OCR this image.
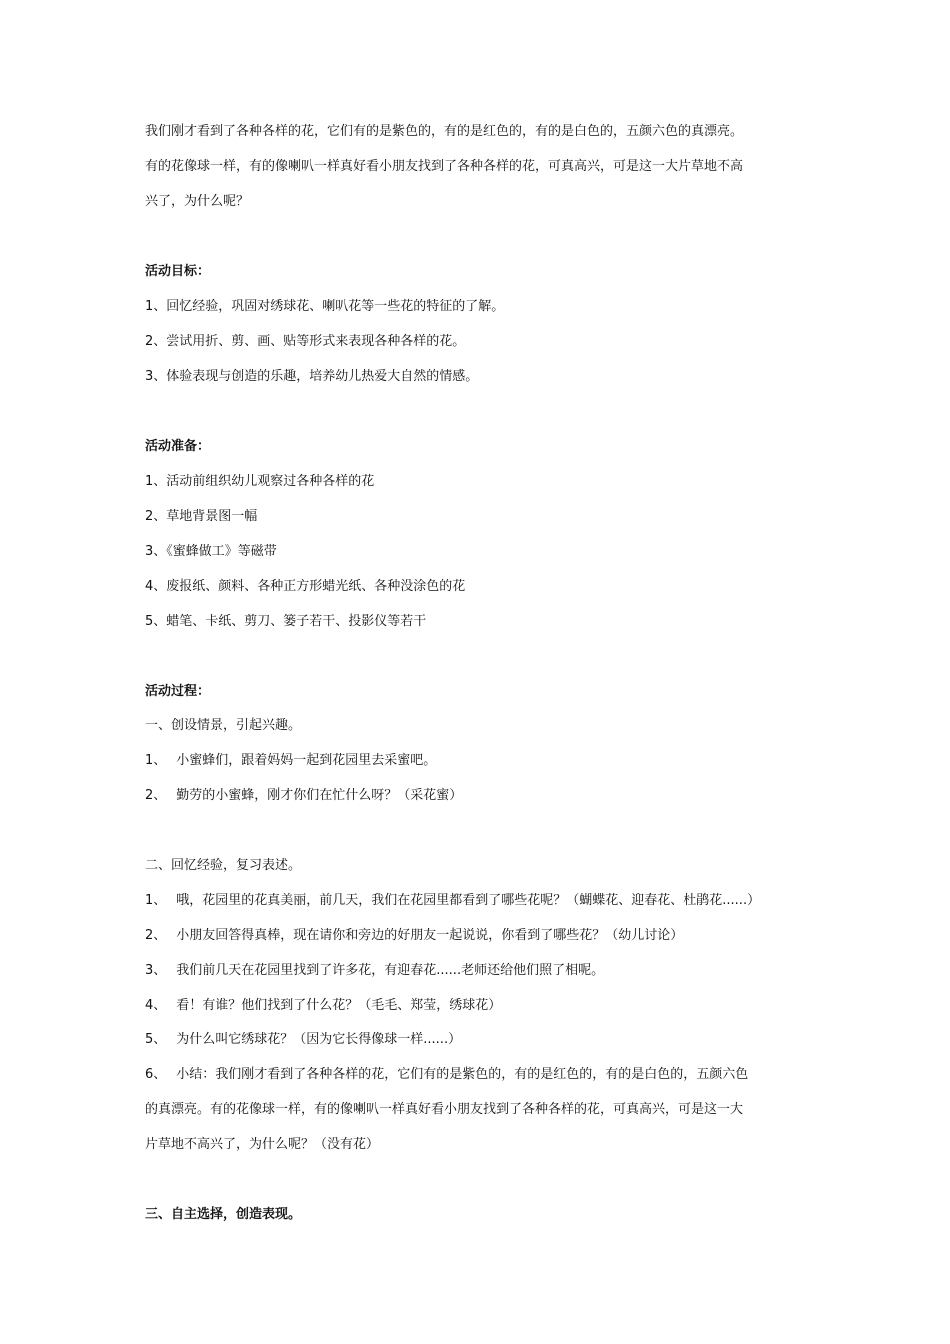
我们刚才看到了各种各样的花，它们有的是紫色的，有的是红色的，有的是白色的，五颜六色的真漂亮。
有的花像球一样，有的像喇叭一样真好看小朋友找到了各种各样的花，可真高兴，可是这一大片草地不高
兴了，为什么呢？
活动目标：
1、回忆经验，巩固对绣球花、喇叭花等一些花的特征的了解。
2、尝试用折、剪、画、贴等形式来表现各种各样的花。
3、体验表现与创造的乐趣，培养幼儿热爱大自然的情感。
活动准备：
1、活动前组织幼儿观察过各种各样的花
2、草地背景图一幅
3、《蜜蜂做工》等磁带
4、废报纸、颜料、各种正方形蜡光纸、各种没涂色的花
5、蜡笔、卡纸、剪刀、篓子若干、投影仪等若干
活动过程：
一、创设情景，引起兴趣。
1、 小蜜蜂们，跟着妈妈一起到花园里去采蜜吧。
2、 勤劳的小蜜蜂，刚才你们在忙什么呀？（采花蜜）
二、回忆经验，复习表述。
1、 哦，花园里的花真美丽，前几天，我们在花园里都看到了哪些花呢？（蝴蝶花、迎春花、杜鹃花......）
2、 小朋友回答得真棒，现在请你和旁边的好朋友一起说说，你看到了哪些花？（幼儿讨论）
3、 我们前几天在花园里找到了许多花，有迎春花......老师还给他们照了相呢。
4、 看！有谁？他们找到了什么花？（毛毛、郑莹，绣球花）
5、 为什么叫它绣球花？（因为它长得像球一样......）
6、 小结：我们刚才看到了各种各样的花，它们有的是紫色的，有的是红色的，有的是白色的，五颜六色
的真漂亮。有的花像球一样，有的像喇叭一样真好看小朋友找到了各种各样的花，可真高兴，可是这一大
片草地不高兴了，为什么呢？（没有花）
三、自主选择，创造表现。
